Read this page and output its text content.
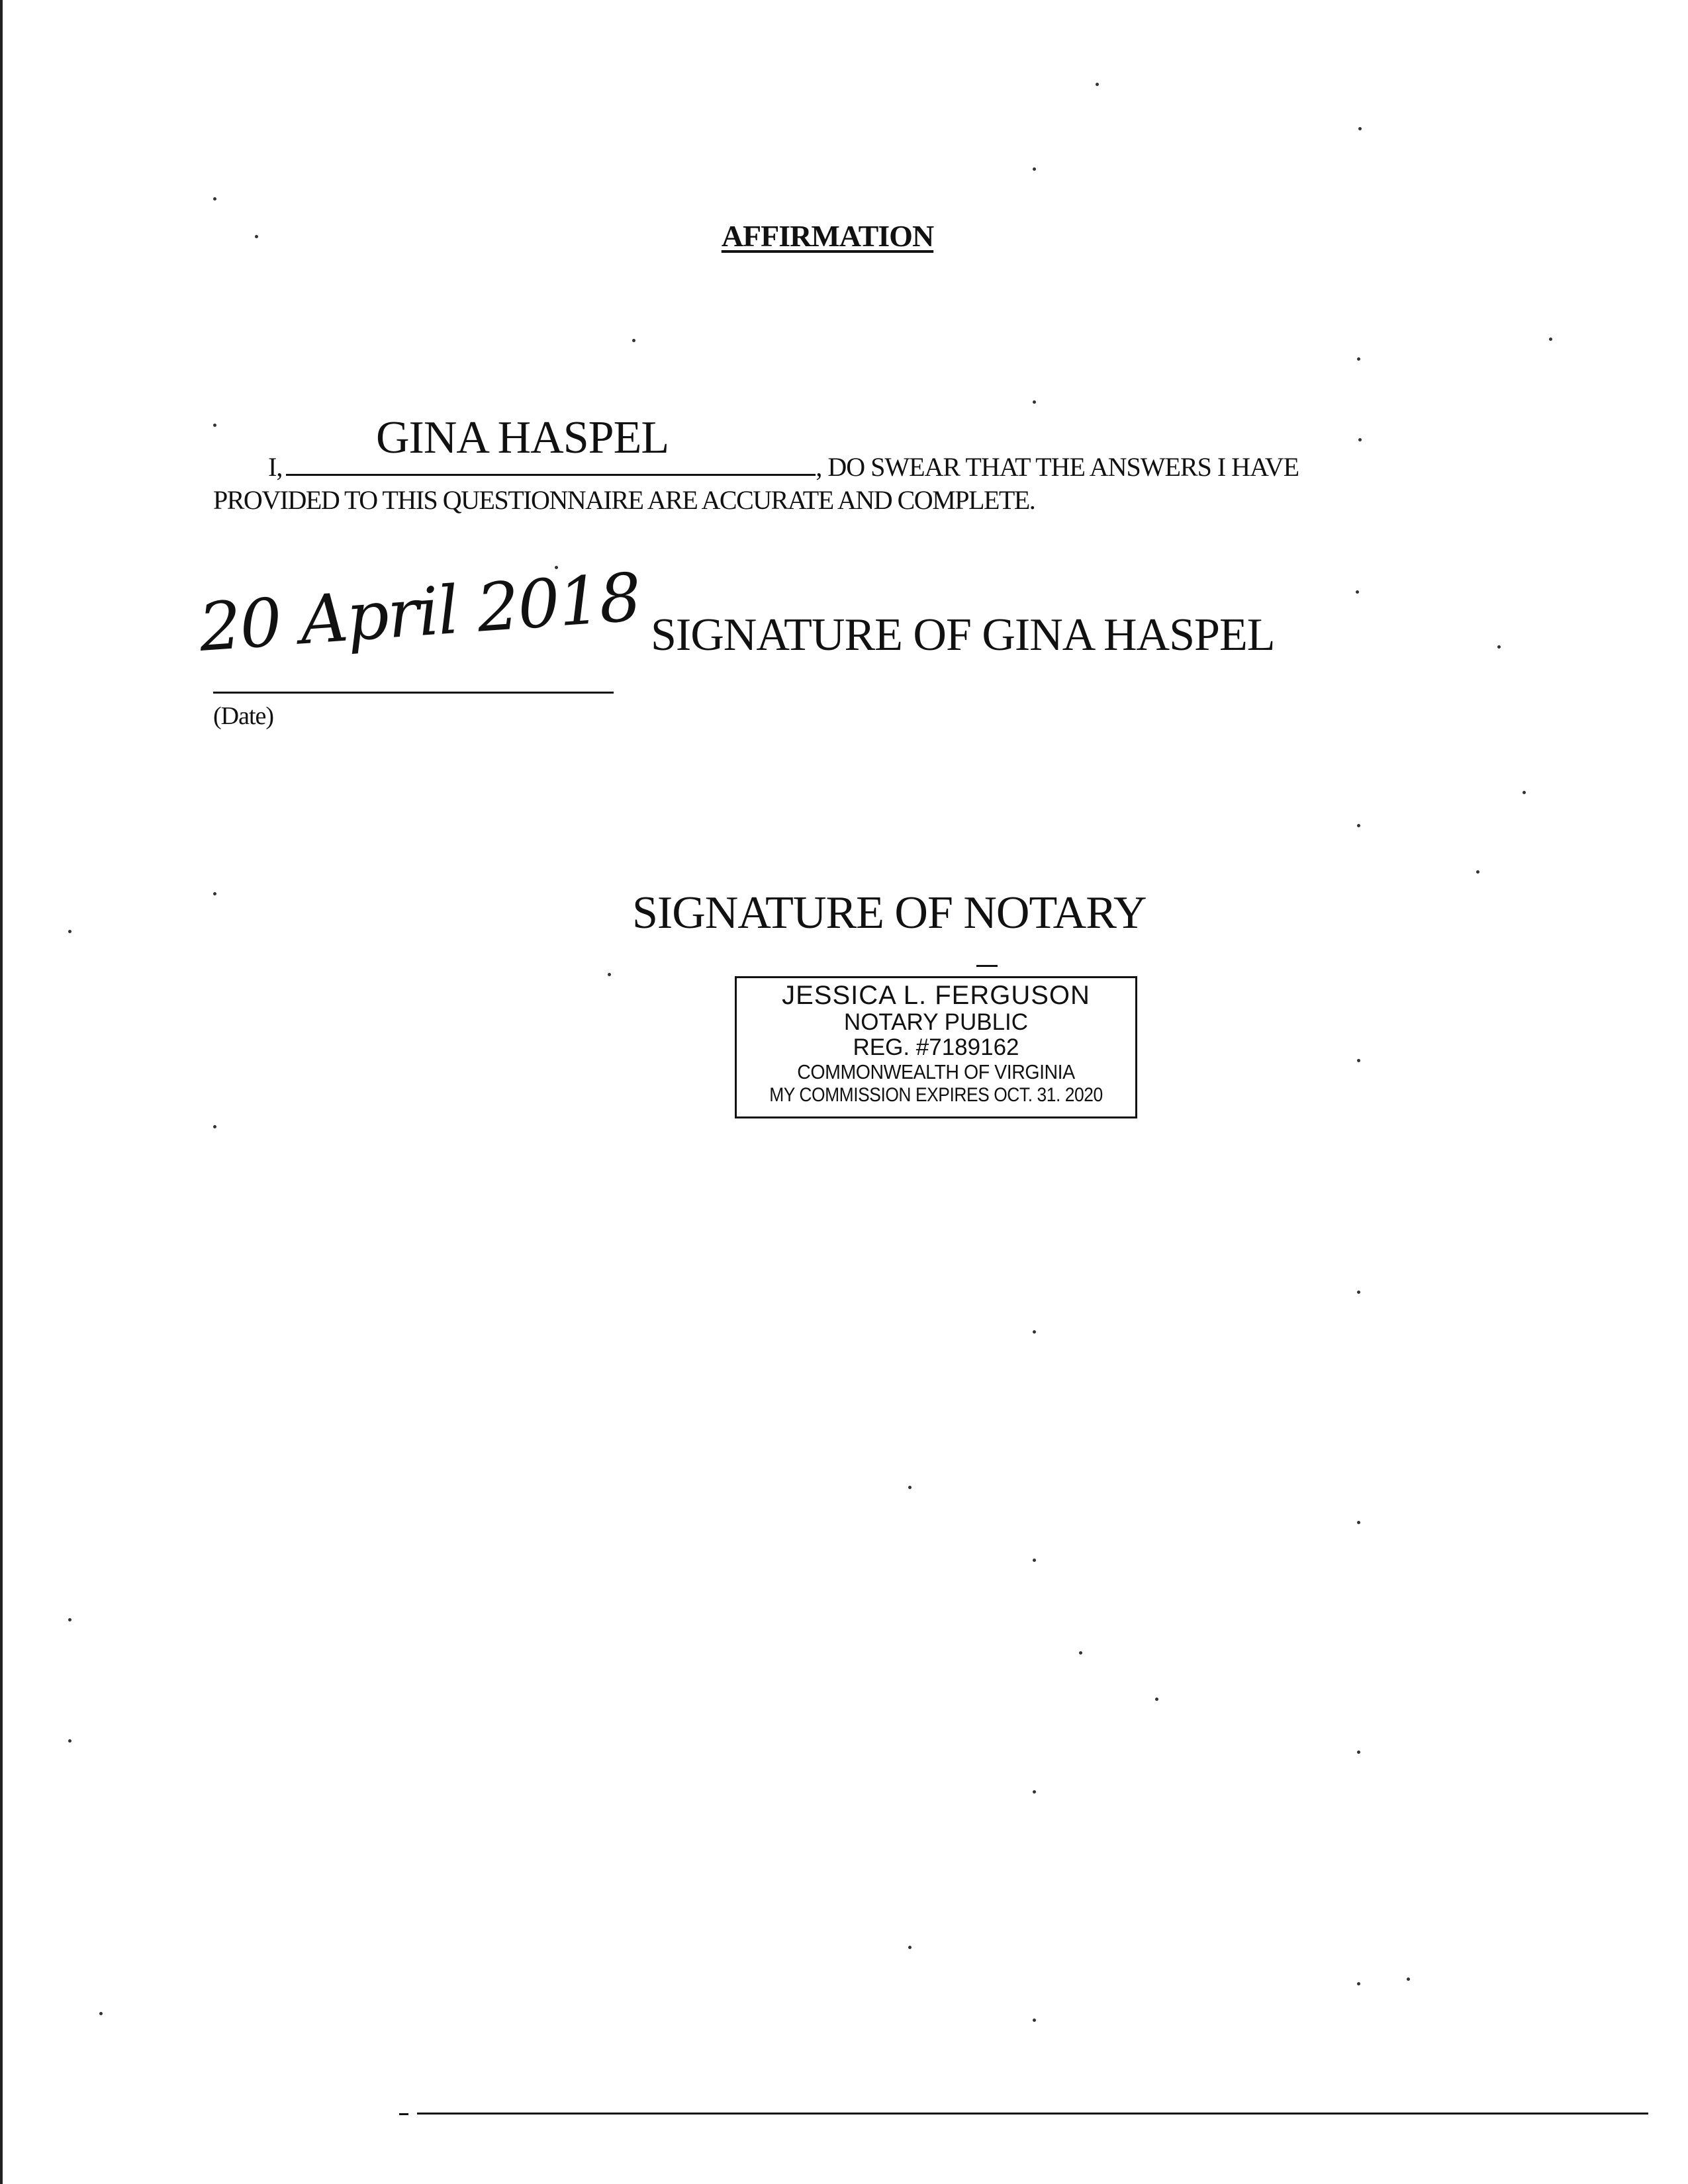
AFFIRMATION
GINA HASPEL
I,	, DO SWEAR THAT THE ANSWERS I HAVE
PROVIDED TO THIS QUESTIONNAIRE ARE ACCURATE AND COMPLETE.
20 April 2018
(Date)
SIGNATURE OF GINA HASPEL
SIGNATURE OF NOTARY
JESSICA L. FERGUSON
NOTARY PUBLIC
REG. #7189162
COMMONWEALTH OF VIRGINIA
MY COMMISSION EXPIRES OCT. 31. 2020
